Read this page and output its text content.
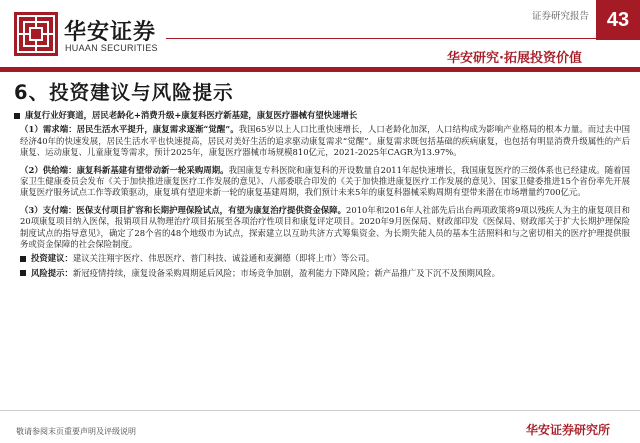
华安证券
HUAAN SECURITIES
证券研究报告 43
华安研究·拓展投资价值
6、投资建议与风险提示
康复行业好赛道，居民老龄化+消费升级+康复科医疗新基建，康复医疗器械有望快速增长

（1）需求端：居民生活水平提升，康复需求逐渐“觉醒”。我国65岁以上人口比重快速增长，人口老龄化加深，人口结构成为影响产业格局的根本力量。而过去中国经济40年的快速发展，居民生活水平也快速提高，居民对美好生活的追求驱动康复需求“觉醒”。康复需求既包括基础的疾病康复，也包括有明显消费升级属性的产后康复、运动康复、儿童康复等需求，预计2025年，康复医疗器械市场规模810亿元，2021-2025年CAGR为13.97%。

（2）供给端：康复科新基建有望带动新一轮采购周期。我国康复专科医院和康复科的开设数量自2011年起快速增长，我国康复医疗的三级体系也已经建成。随着国家卫生健康委员会发布《关于加快推进康复医疗工作发展的意见》、八部委联合印发的《关于加快推进康复医疗工作发展的意见》、国家卫健委推进15个省份率先开展康复医疗服务试点工作等政策驱动，康复填有望迎来新一轮的康复基建周期，我们预计未来5年的康复科器械采购周期有望带来潜在市场增量约700亿元。

（3）支付端：医保支付项目扩容和长期护理保险试点，有望为康复治疗提供资金保障。2010年和2016年人社部先后出台两项政策将9项以残疾人为主的康复项目和20项康复项目纳入医保，报销项目从物理治疗项目拓展至各项治疗性项目和康复评定项目。2020年9月医保局、财政部印发《医保局、财政部关于扩大长期护理保险制度试点的指导意见》，确定了28个省的48个地级市为试点，探索建立以互助共济方式筹集资金、为长期失能人员的基本生活照料和与之密切相关的医疗护理提供服务或资金保障的社会保险制度。

投资建议： 建议关注翔宇医疗、伟思医疗、普门科技、诚益通和麦澜德（即将上市）等公司。
风险提示： 新冠疫情持续，康复设备采购周期延后风险；市场竞争加剧，盈利能力下降风险；新产品推广及下沉不及预期风险。
敬请参阅末页重要声明及评级说明	华安证券研究所
